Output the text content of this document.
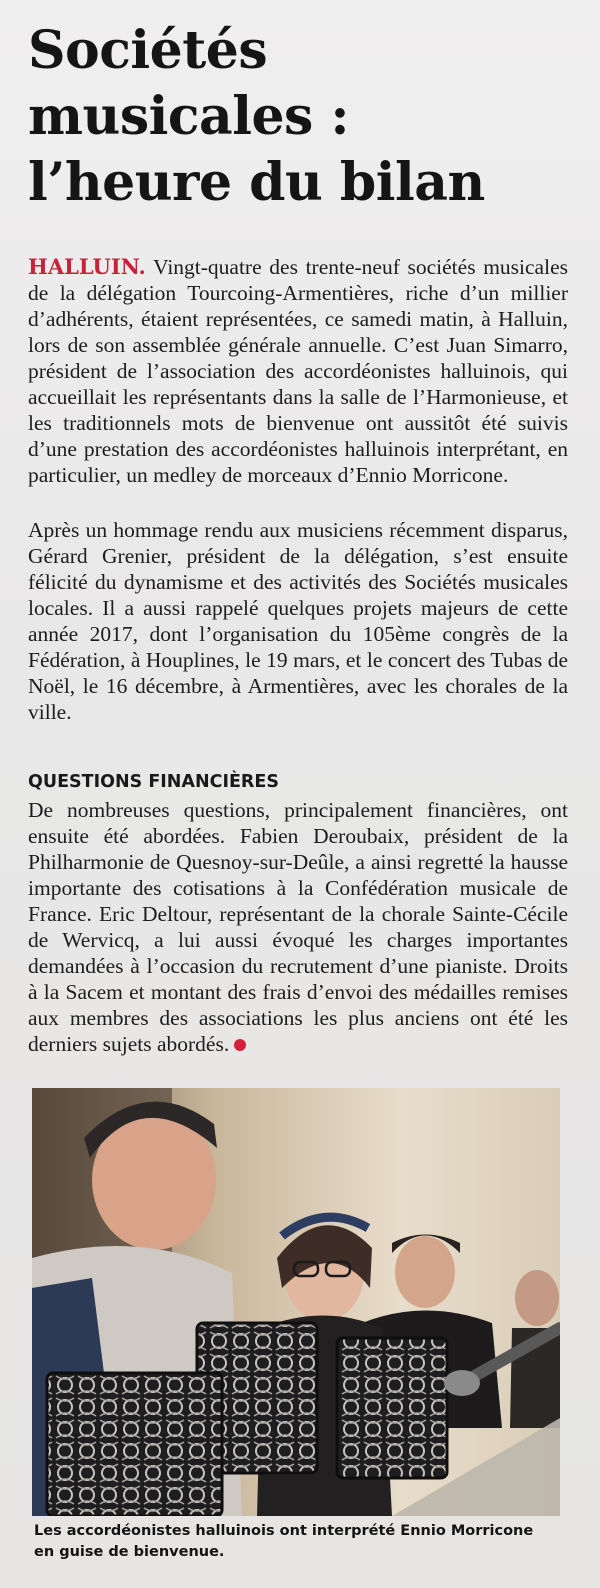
Sociétés
musicales :
l’heure du bilan

HALLUIN. Vingt-quatre des trente-neuf sociétés musicales de la délégation Tourcoing-Armentières, riche d’un millier d’adhérents, étaient représentées, ce samedi matin, à Halluin, lors de son assemblée générale annuelle. C’est Juan Simarro, président de l’association des accordéonistes halluinois, qui accueillait les représentants dans la salle de l’Harmonieuse, et les traditionnels mots de bienvenue ont aussitôt été suivis d’une prestation des accordéonistes halluinois interprétant, en particulier, un medley de morceaux d’Ennio Morricone.

Après un hommage rendu aux musiciens récemment disparus, Gérard Grenier, président de la délégation, s’est ensuite félicité du dynamisme et des activités des Sociétés musicales locales. Il a aussi rappelé quelques projets majeurs de cette année 2017, dont l’organisation du 105ème congrès de la Fédération, à Houplines, le 19 mars, et le concert des Tubas de Noël, le 16 décembre, à Armentières, avec les chorales de la ville.

QUESTIONS FINANCIÈRES

De nombreuses questions, principalement financières, ont ensuite été abordées. Fabien Deroubaix, président de la Philharmonie de Quesnoy-sur-Deûle, a ainsi regretté la hausse importante des cotisations à la Confédération musicale de France. Eric Deltour, représentant de la chorale Sainte-Cécile de Wervicq, a lui aussi évoqué les charges importantes demandées à l’occasion du recrutement d’une pianiste. Droits à la Sacem et montant des frais d’envoi des médailles remises aux membres des associations les plus anciens ont été les derniers sujets abordés.

Les accordéonistes halluinois ont interprété Ennio Morricone
en guise de bienvenue.
